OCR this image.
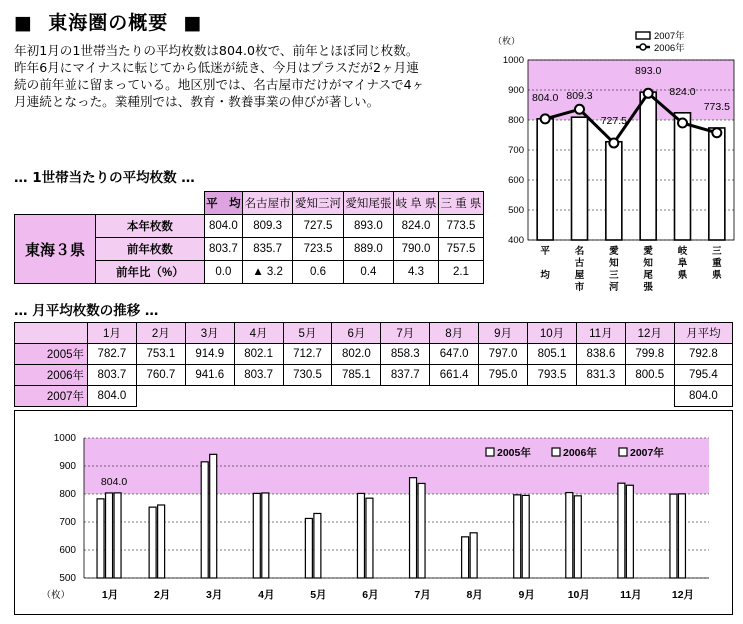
■ 東海圏の概要 ■
年初1月の1世帯当たりの平均枚数は804.0枚で、前年とほぼ同じ枚数。
昨年6月にマイナスに転じてから低迷が続き、今月はプラスだが2ヶ月連
続の前年並に留まっている。地区別では、名古屋市だけがマイナスで4ヶ
月連続となった。業種別では、教育・教養事業の伸びが著しい。
… 1世帯当たりの平均枚数 …
		平　均	名古屋市	愛知三河	愛知尾張	岐 阜 県	三 重 県
東海３県	本年枚数	804.0	809.3	727.5	893.0	824.0	773.5
	前年枚数	803.7	835.7	723.5	889.0	790.0	757.5
	前年比（%）	0.0	▲ 3.2	0.6	0.4	4.3	2.1
… 月平均枚数の推移 …
	1月	2月	3月	4月	5月	6月	7月	8月	9月	10月	11月	12月	月平均
2005年	782.7	753.1	914.9	802.1	712.7	802.0	858.3	647.0	797.0	805.1	838.6	799.8	792.8
2006年	803.7	760.7	941.6	803.7	730.5	785.1	837.7	661.4	795.0	793.5	831.3	800.5	795.4
2007年	804.0												804.0
（枚）
1000
900
800
700
600
500
400
804.0
平
均
809.3
名
古
屋
市
727.5
愛
知
三
河
893.0
愛
知
尾
張
824.0
岐
阜
県
773.5
三
重
県
2007年
2006年
1000
900
800
700
600
500
（枚）	1月	2月	3月	4月	5月	6月	7月	8月	9月	10月	11月	12月
804.0
2005年	2006年	2007年
